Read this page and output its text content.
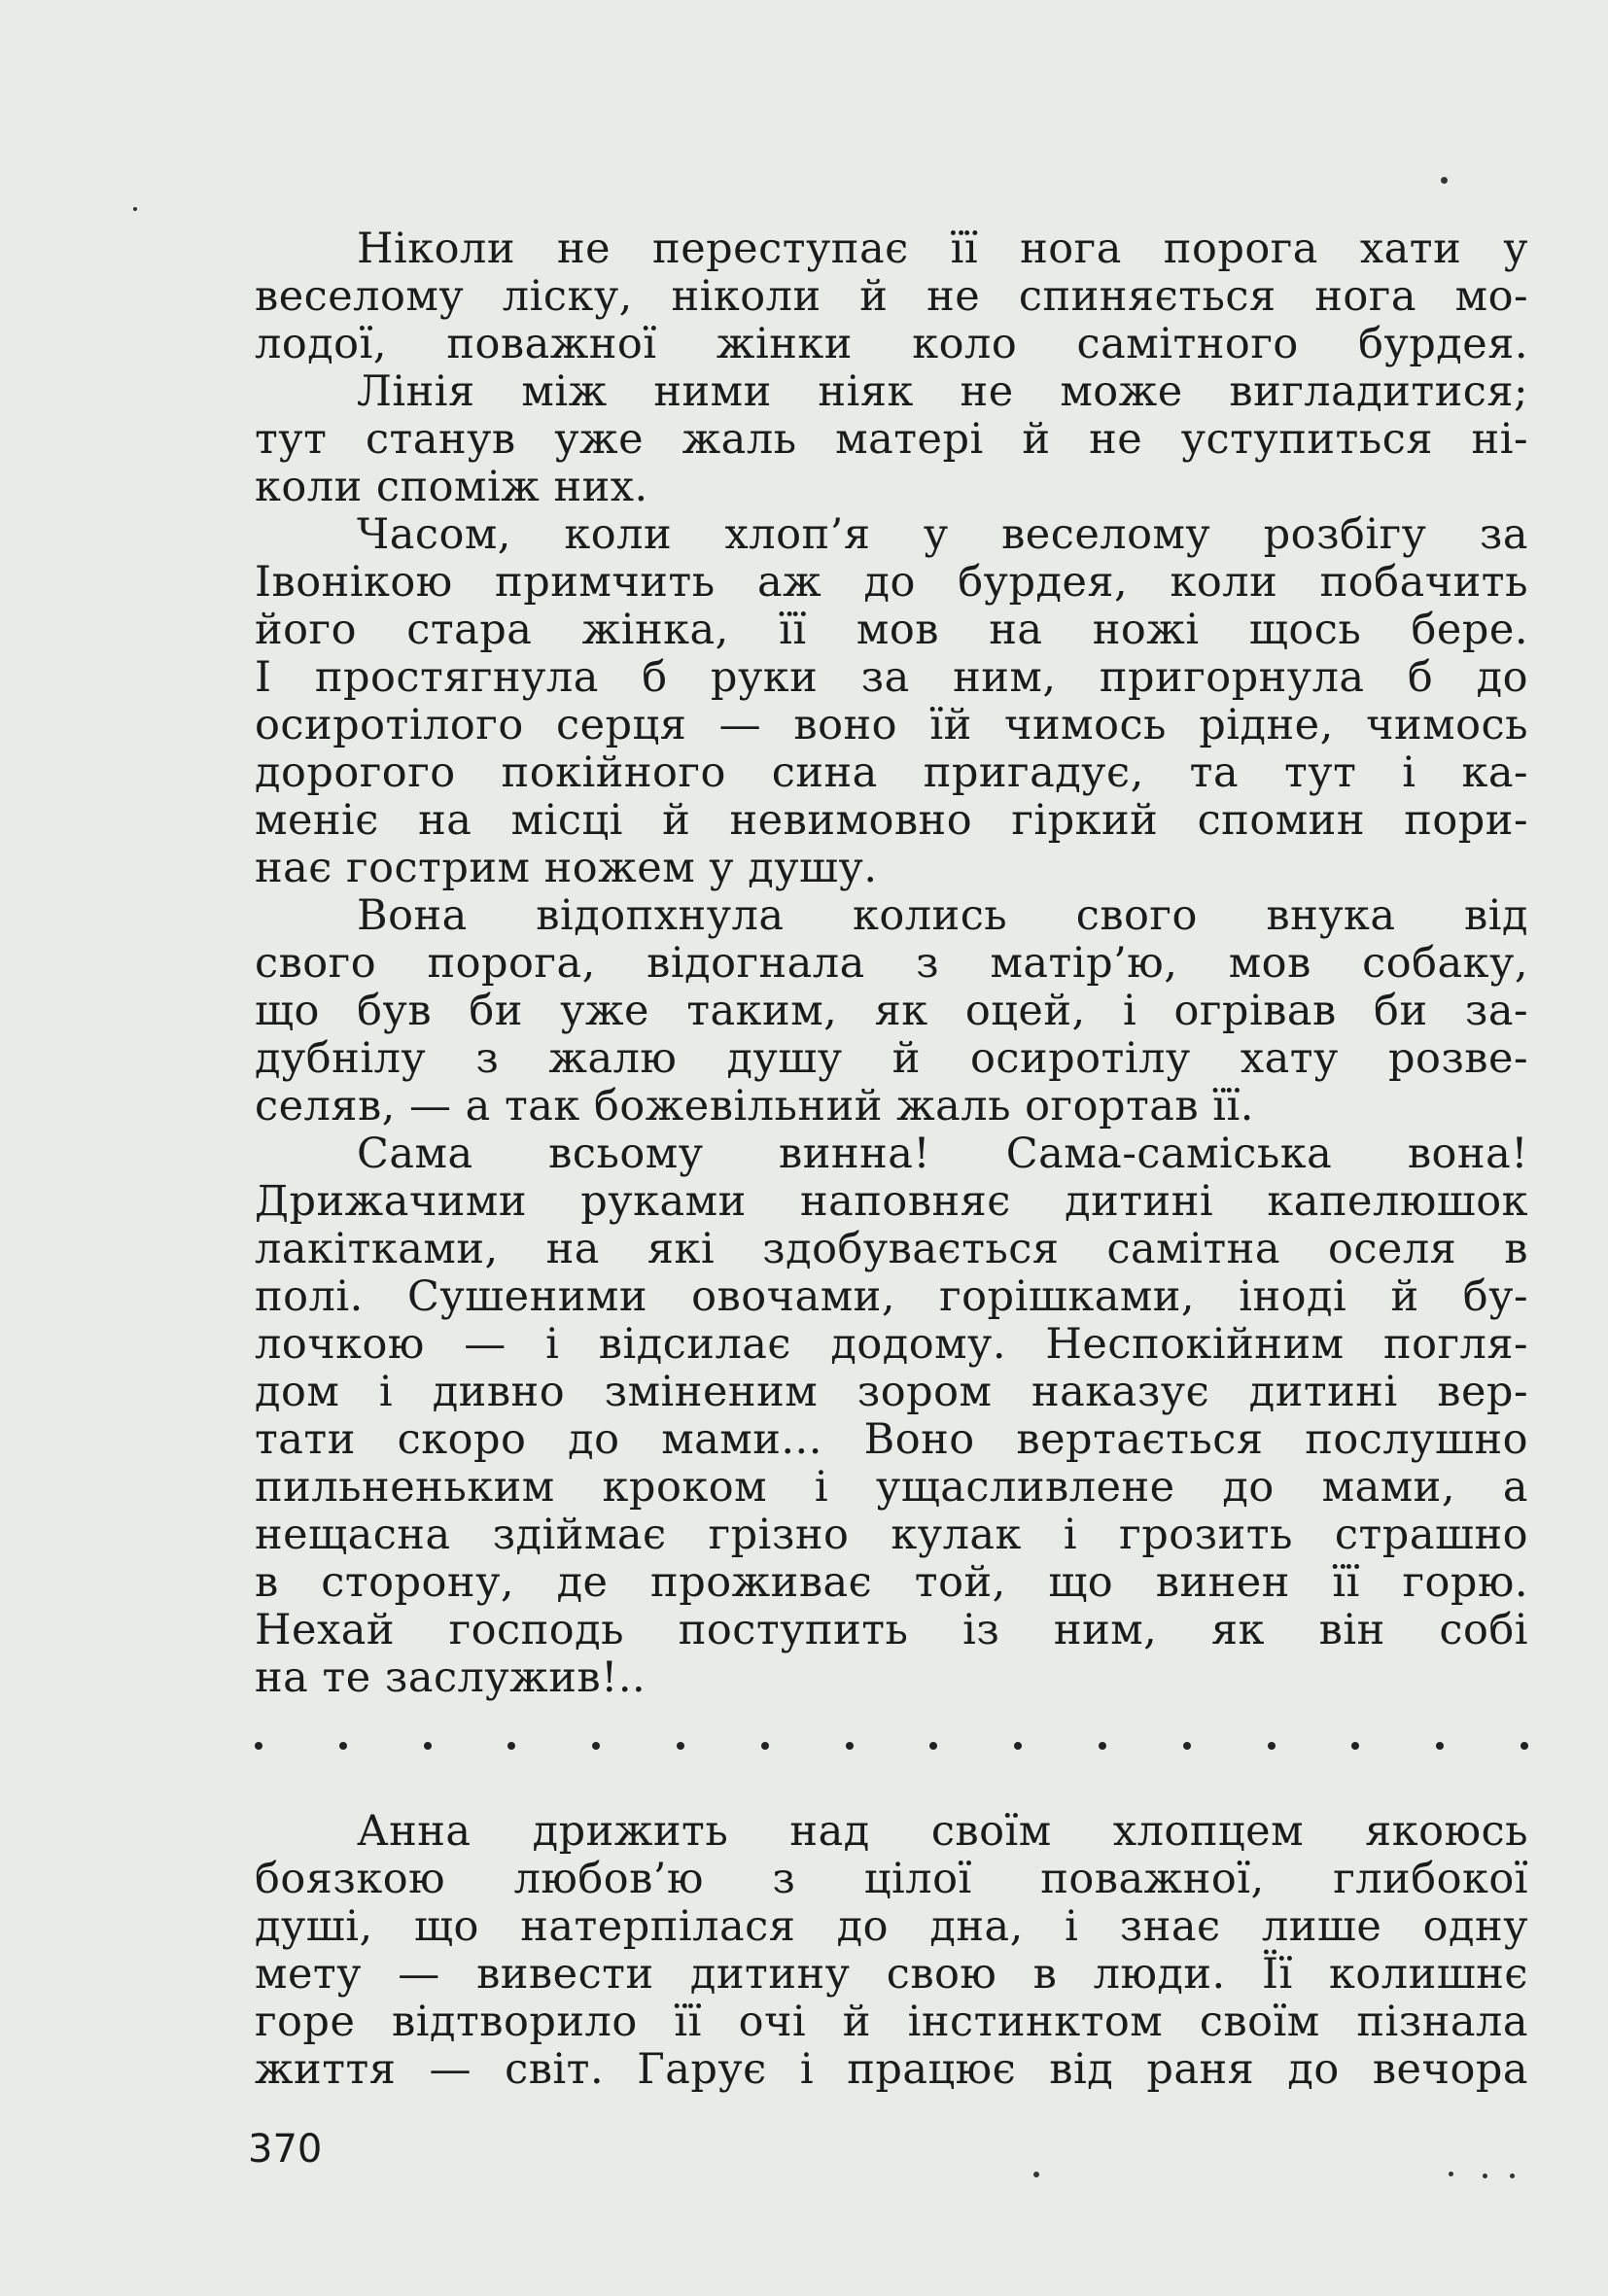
Ніколи не переступає її нога порога хати у
веселому ліску, ніколи й не спиняється нога мо-
лодої, поважної жінки коло самітного бурдея.
Лінія між ними ніяк не може вигладитися;
тут станув уже жаль матері й не уступиться ні-
коли споміж них.
Часом, коли хлоп’я у веселому розбігу за
Івонікою примчить аж до бурдея, коли побачить
його стара жінка, її мов на ножі щось бере.
І простягнула б руки за ним, пригорнула б до
осиротілого серця — воно їй чимось рідне, чимось
дорогого покійного сина пригадує, та тут і ка-
меніє на місці й невимовно гіркий спомин пори-
нає гострим ножем у душу.
Вона відопхнула колись свого внука від
свого порога, відогнала з матір’ю, мов собаку,
що був би уже таким, як оцей, і огрівав би за-
дубнілу з жалю душу й осиротілу хату розве-
селяв, — а так божевільний жаль огортав її.
Сама всьому винна! Сама-саміська вона!
Дрижачими руками наповняє дитині капелюшок
лакітками, на які здобувається самітна оселя в
полі. Сушеними овочами, горішками, іноді й бу-
лочкою — і відсилає додому. Неспокійним погля-
дом і дивно зміненим зором наказує дитині вер-
тати скоро до мами... Воно вертається послушно
пильненьким кроком і ущасливлене до мами, а
нещасна здіймає грізно кулак і грозить страшно
в сторону, де проживає той, що винен її горю.
Нехай господь поступить із ним, як він собі
на те заслужив!..
Анна дрижить над своїм хлопцем якоюсь
боязкою любов’ю з цілої поважної, глибокої
душі, що натерпілася до дна, і знає лише одну
мету — вивести дитину свою в люди. Її колишнє
горе відтворило її очі й інстинктом своїм пізнала
життя — світ. Гарує і працює від раня до вечора
370
